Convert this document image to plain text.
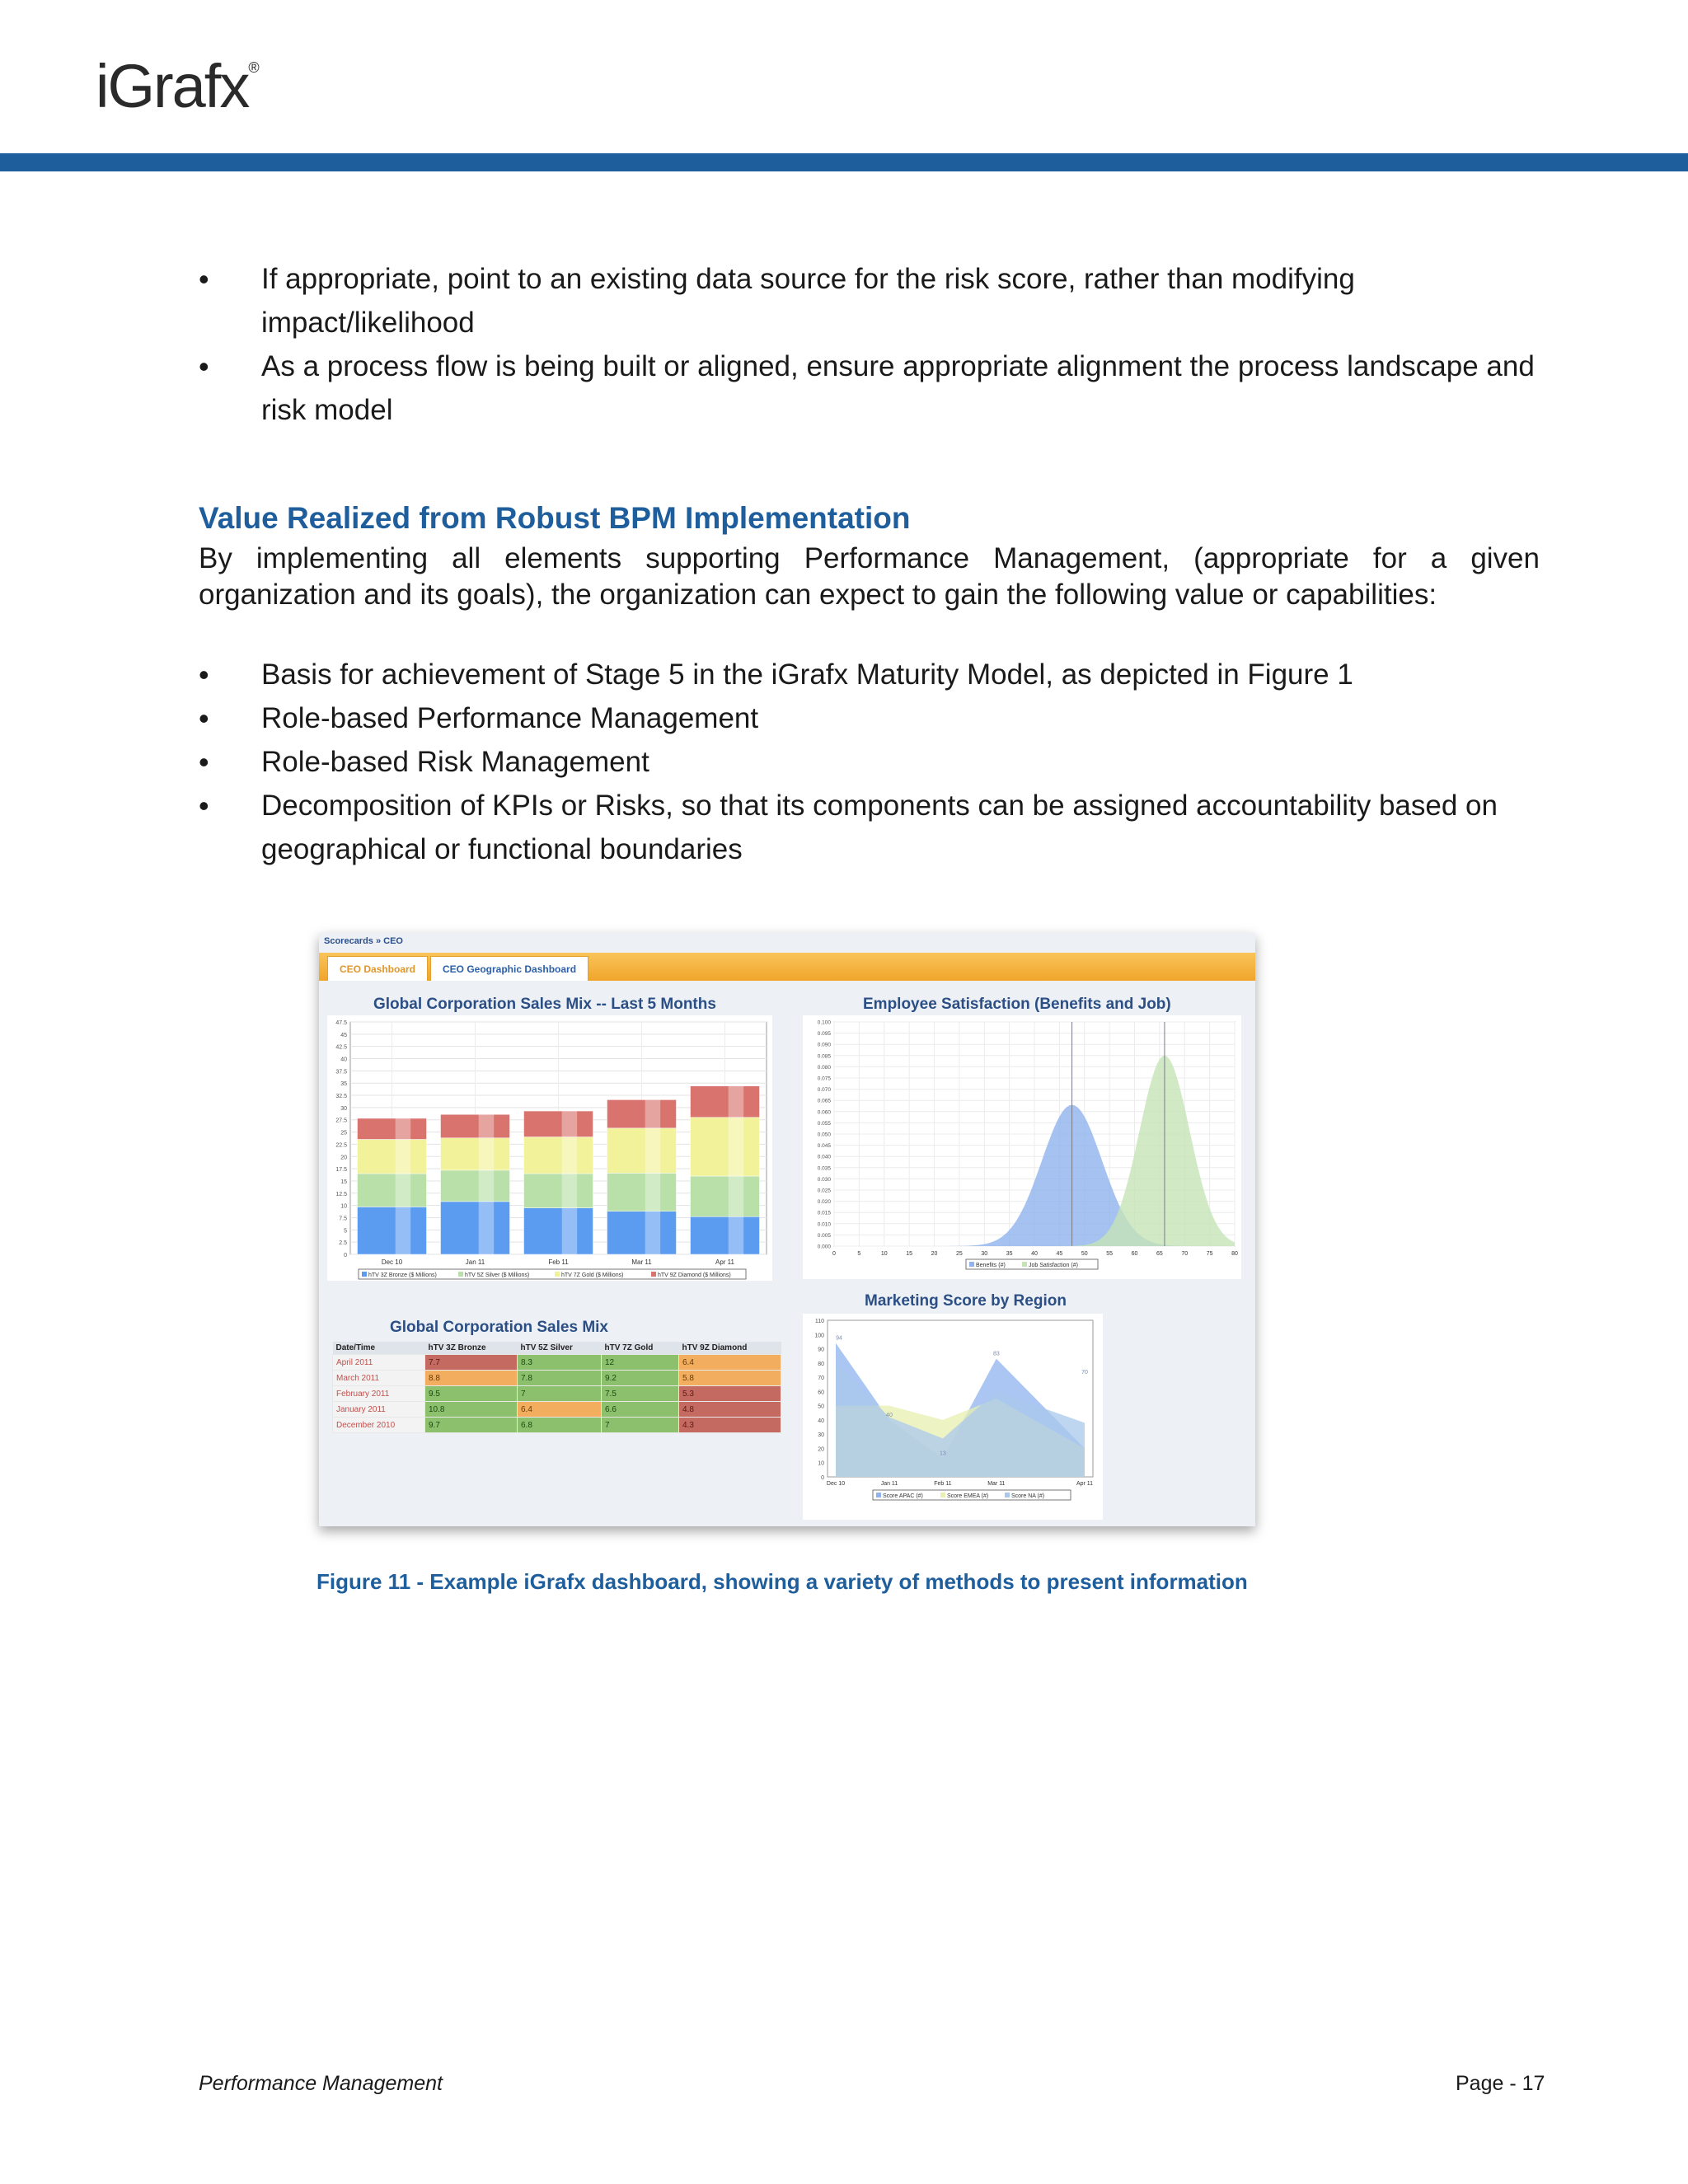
iGrafx®
• If appropriate, point to an existing data source for the risk score, rather than modifying impact/likelihood
• As a process flow is being built or aligned, ensure appropriate alignment the process landscape and risk model
Value Realized from Robust BPM Implementation

By implementing all elements supporting Performance Management, (appropriate for a given organization and its goals), the organization can expect to gain the following value or capabilities:

• Basis for achievement of Stage 5 in the iGrafx Maturity Model, as depicted in Figure 1
• Role-based Performance Management
• Role-based Risk Management
• Decomposition of KPIs or Risks, so that its components can be assigned accountability based on geographical or functional boundaries
Scorecards » CEO
CEO Dashboard	CEO Geographic Dashboard
Global Corporation Sales Mix -- Last 5 Months
0
2.5
5
7.5
10
12.5
15
17.5
20
22.5
25
27.5
30
32.5
35
37.5
40
42.5
45
47.5
Dec 10	Jan 11	Feb 11	Mar 11	Apr 11
hTV 3Z Bronze ($ Millions)	hTV 5Z Silver ($ Millions)	hTV 7Z Gold ($ Millions)	hTV 9Z Diamond ($ Millions)
Employee Satisfaction (Benefits and Job)
0.000
0.005
0.010
0.015
0.020
0.025
0.030
0.035
0.040
0.045
0.050
0.055
0.060
0.065
0.070
0.075
0.080
0.085
0.090
0.095
0.100
0	5	10	15	20	25	30	35	40	45	50	55	60	65	70	75	80
Benefits (#)	Job Satisfaction (#)
Marketing Score by Region
0
10
20
30
40
50
60
70
80
90
100
110
94
40
13
83
70
Dec 10	Jan 11	Feb 11	Mar 11	Apr 11
Score APAC (#)	Score EMEA (#)	Score NA (#)
Global Corporation Sales Mix
Date/Time	hTV 3Z Bronze	hTV 5Z Silver	hTV 7Z Gold	hTV 9Z Diamond
April 2011	7.7	8.3	12	6.4
March 2011	8.8	7.8	9.2	5.8
February 2011	9.5	7	7.5	5.3
January 2011	10.8	6.4	6.6	4.8
December 2010	9.7	6.8	7	4.3
Figure 11 - Example iGrafx dashboard, showing a variety of methods to present information
Performance Management	Page - 17
